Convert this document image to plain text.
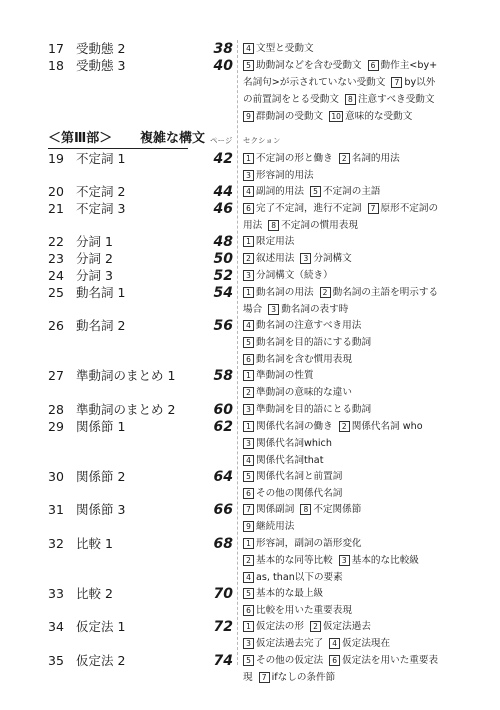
＜第Ⅲ部＞ 複雑な構文 ページ セクション
17 受動態 2	38	4 文型と受動文
18 受動態 3	40	5 助動詞などを含む受動文 6 動作主<by+
名詞句>が示されていない受動文 7 by以外
の前置詞をとる受動文 8 注意すべき受動文
9 群動詞の受動文 10 意味的な受動文
19 不定詞 1	42	1 不定詞の形と働き 2 名詞的用法
3 形容詞的用法
20 不定詞 2	44	4 副詞的用法 5 不定詞の主語
21 不定詞 3	46	6 完了不定詞，進行不定詞 7 原形不定詞の
用法 8 不定詞の慣用表現
22 分詞 1	48	1 限定用法
23 分詞 2	50	2 叙述用法 3 分詞構文
24 分詞 3	52	3 分詞構文（続き）
25 動名詞 1	54	1 動名詞の用法 2 動名詞の主語を明示する
場合 3 動名詞の表す時
26 動名詞 2	56	4 動名詞の注意すべき用法
5 動名詞を目的語にする動詞
6 動名詞を含む慣用表現
27 準動詞のまとめ 1	58	1 準動詞の性質
2 準動詞の意味的な違い
28 準動詞のまとめ 2	60	3 準動詞を目的語にとる動詞
29 関係節 1	62	1 関係代名詞の働き 2 関係代名詞 who
3 関係代名詞which
4 関係代名詞that
30 関係節 2	64	5 関係代名詞と前置詞
6 その他の関係代名詞
31 関係節 3	66	7 関係副詞 8 不定関係節
9 継続用法
32 比較 1	68	1 形容詞，副詞の語形変化
2 基本的な同等比較 3 基本的な比較級
4 as, than以下の要素
33 比較 2	70	5 基本的な最上級
6 比較を用いた重要表現
34 仮定法 1	72	1 仮定法の形 2 仮定法過去
3 仮定法過去完了 4 仮定法現在
35 仮定法 2	74	5 その他の仮定法 6 仮定法を用いた重要表
現 7 ifなしの条件節
